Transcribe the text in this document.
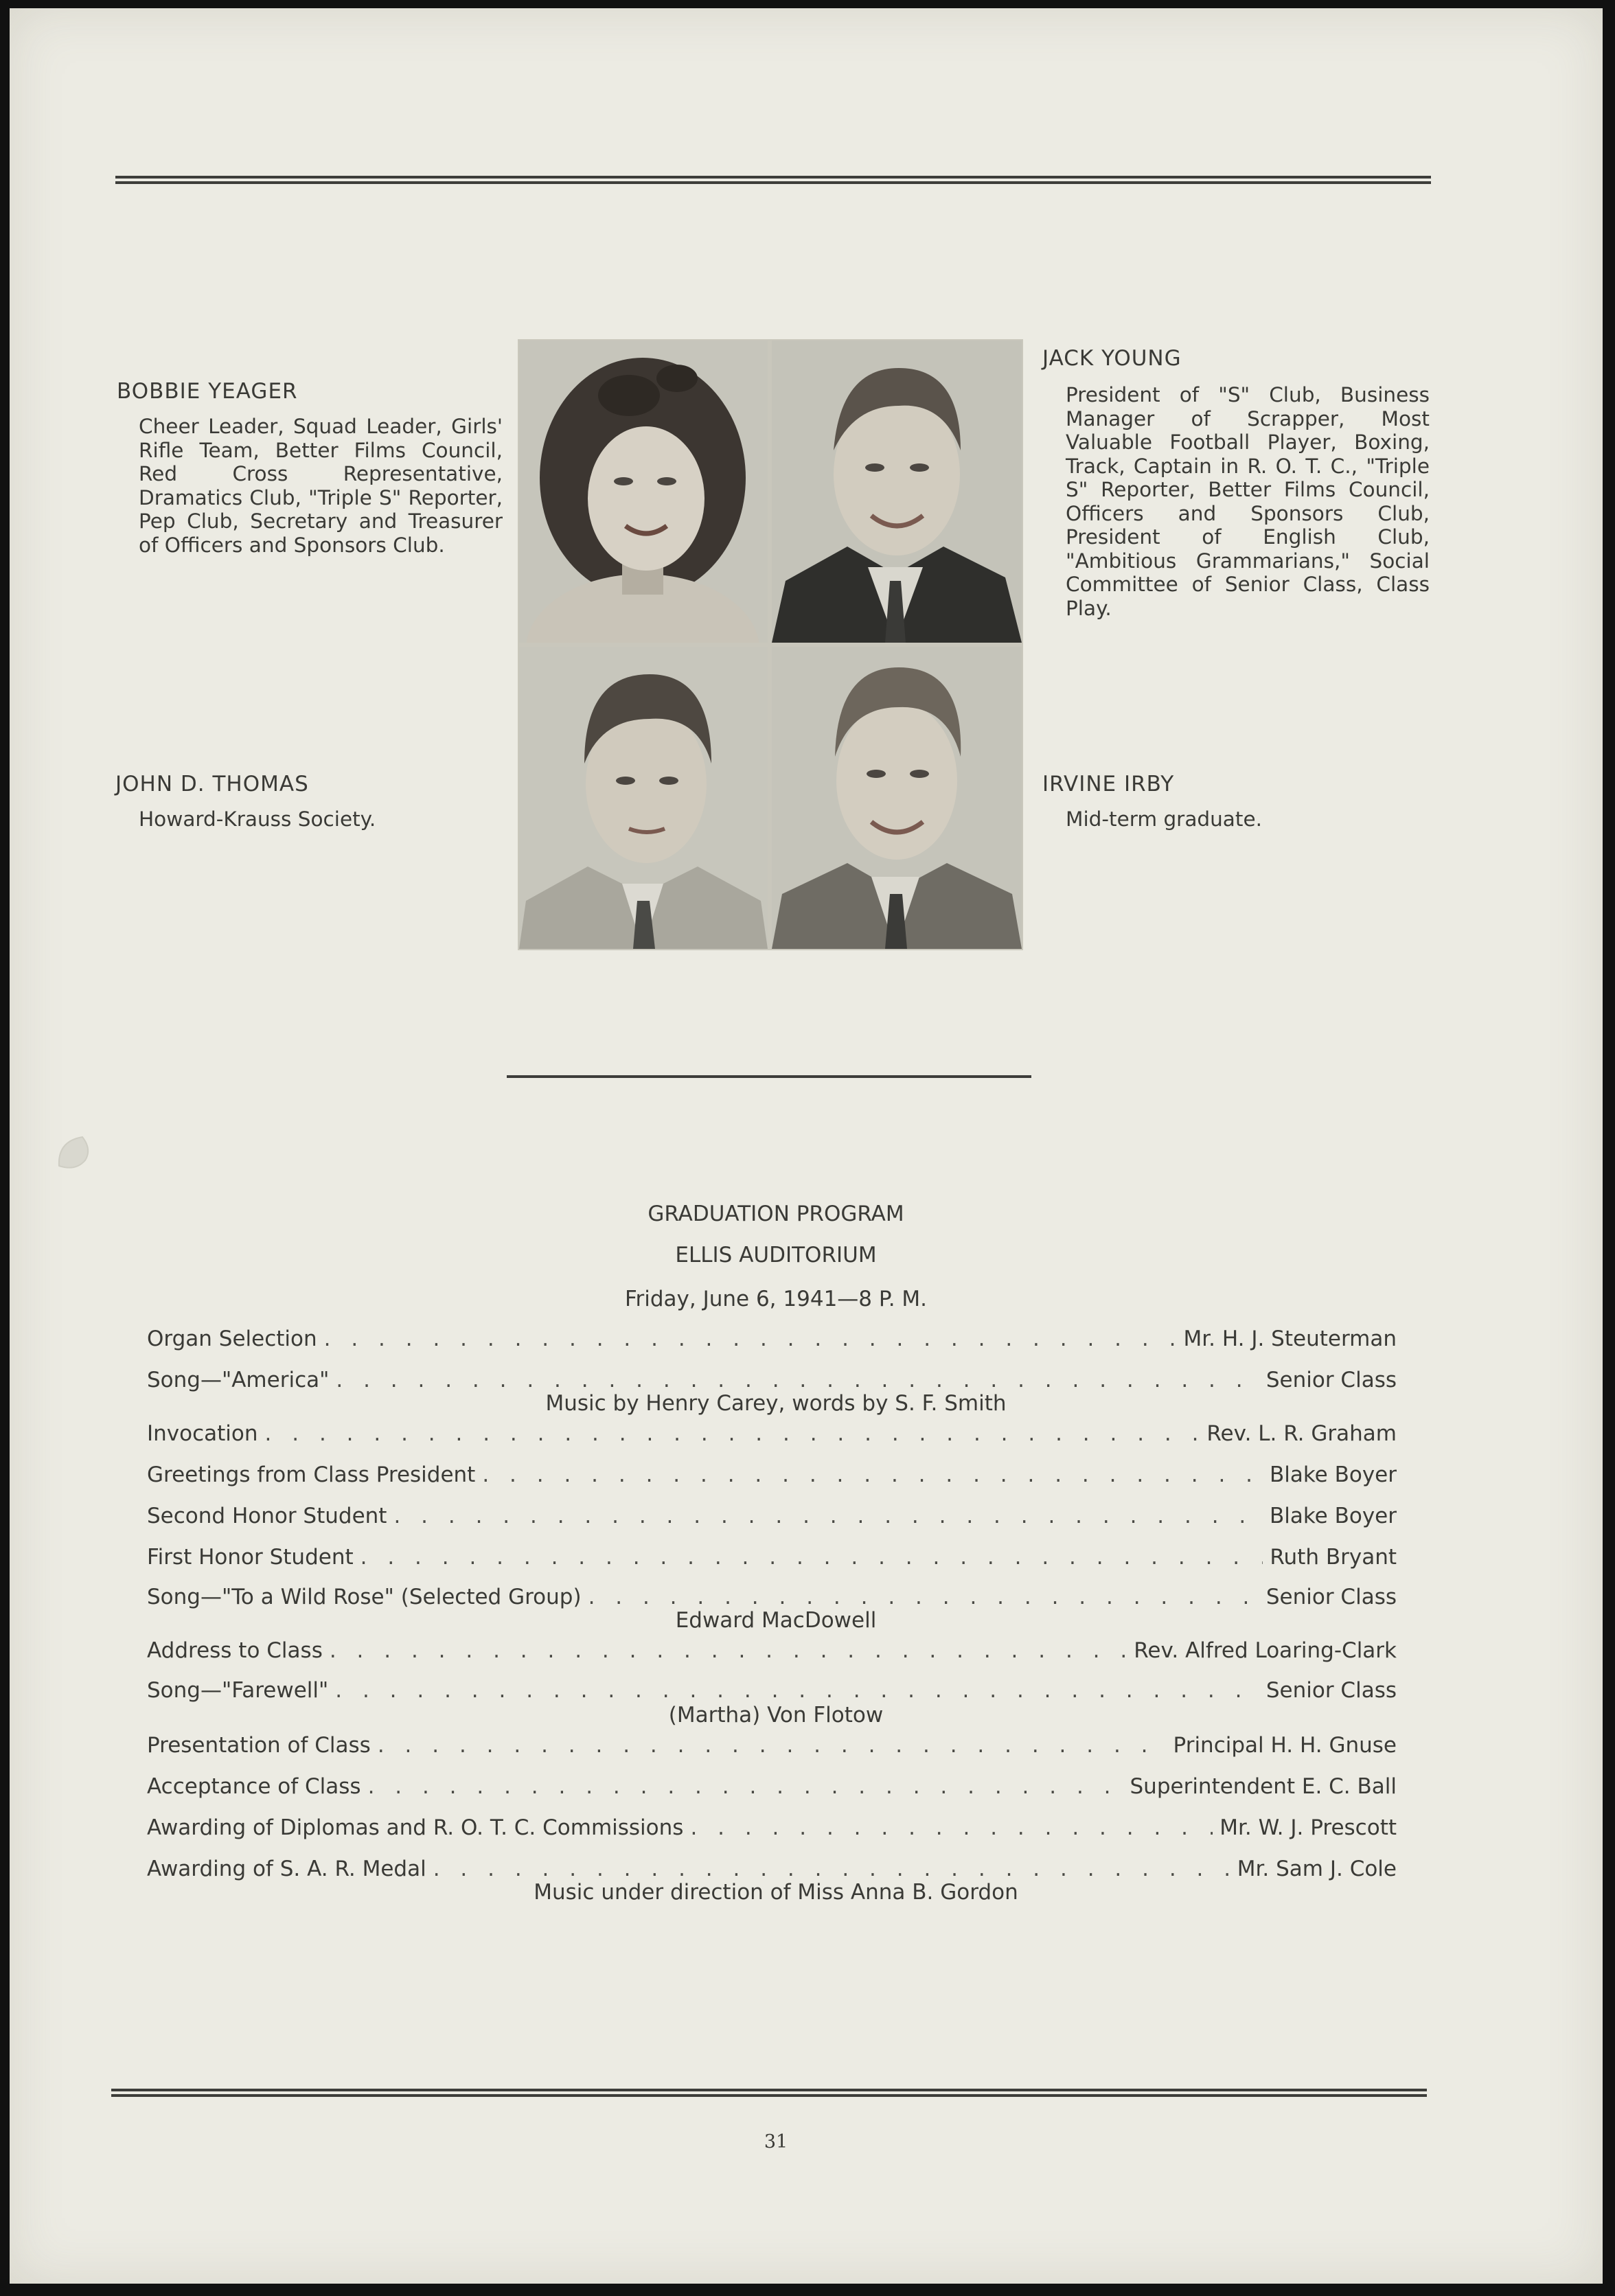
BOBBIE YEAGER
Cheer Leader, Squad Leader, Girls' Rifle Team, Better Films Council, Red Cross Representative, Dramatics Club, "Triple S" Reporter, Pep Club, Secretary and Treasurer of Officers and Sponsors Club.
JOHN D. THOMAS
Howard-Krauss Society.
JACK YOUNG
President of "S" Club, Business Manager of Scrapper, Most Valuable Football Player, Boxing, Track, Captain in R. O. T. C., "Triple S" Reporter, Better Films Council, Officers and Sponsors Club, President of English Club, "Ambitious Grammarians," Social Committee of Senior Class, Class Play.
IRVINE IRBY
Mid-term graduate.
GRADUATION PROGRAM
ELLIS AUDITORIUM
Friday, June 6, 1941—8 P. M.
Organ Selection . . .	Mr. H. J. Steuterman
Song—"America" . . .	Senior Class
Music by Henry Carey, words by S. F. Smith
Invocation . . .	Rev. L. R. Graham
Greetings from Class President . . .	Blake Boyer
Second Honor Student . . .	Blake Boyer
First Honor Student . . .	Ruth Bryant
Song—"To a Wild Rose" (Selected Group) . . .	Senior Class
Edward MacDowell
Address to Class . . .	Rev. Alfred Loaring-Clark
Song—"Farewell" . . .	Senior Class
(Martha) Von Flotow
Presentation of Class . . .	Principal H. H. Gnuse
Acceptance of Class . . .	Superintendent E. C. Ball
Awarding of Diplomas and R. O. T. C. Commissions . . .	Mr. W. J. Prescott
Awarding of S. A. R. Medal . . .	Mr. Sam J. Cole
Music under direction of Miss Anna B. Gordon
31
